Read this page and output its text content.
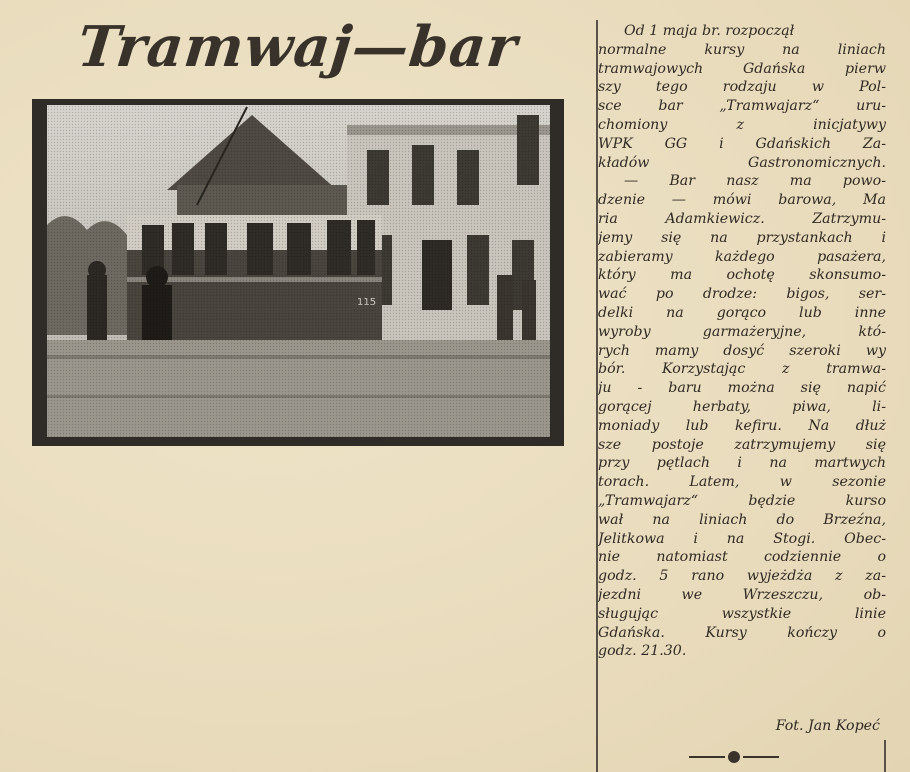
Tramwaj—bar	Od 1 maja br. rozpoczął
normalne kursy na liniach
tramwajowych Gdańska pierw
szy tego rodzaju w Pol-
sce bar „Tramwajarz“ uru-
chomiony z inicjatywy
WPK GG i Gdańskich Za-
kładów Gastronomicznych.
— Bar nasz ma powo-
dzenie — mówi barowa, Ma
ria Adamkiewicz. Zatrzymu-
jemy się na przystankach i
zabieramy każdego pasażera,
który ma ochotę skonsumo-
wać po drodze: bigos, ser-
delki na gorąco lub inne
wyroby garmażeryjne, któ-
rych mamy dosyć szeroki wy
bór. Korzystając z tramwa-
ju - baru można się napić
gorącej herbaty, piwa, li-
moniady lub kefiru. Na dłuż
sze postoje zatrzymujemy się
przy pętlach i na martwych
torach. Latem, w sezonie
„Tramwajarz“ będzie kurso
wał na liniach do Brzeźna,
Jelitkowa i na Stogi. Obec-
nie natomiast codziennie o
godz. 5 rano wyjeżdża z za-
jezdni we Wrzeszczu, ob-
sługując wszystkie linie
Gdańska. Kursy kończy o
godz. 21.30.
Fot. Jan Kopeć
